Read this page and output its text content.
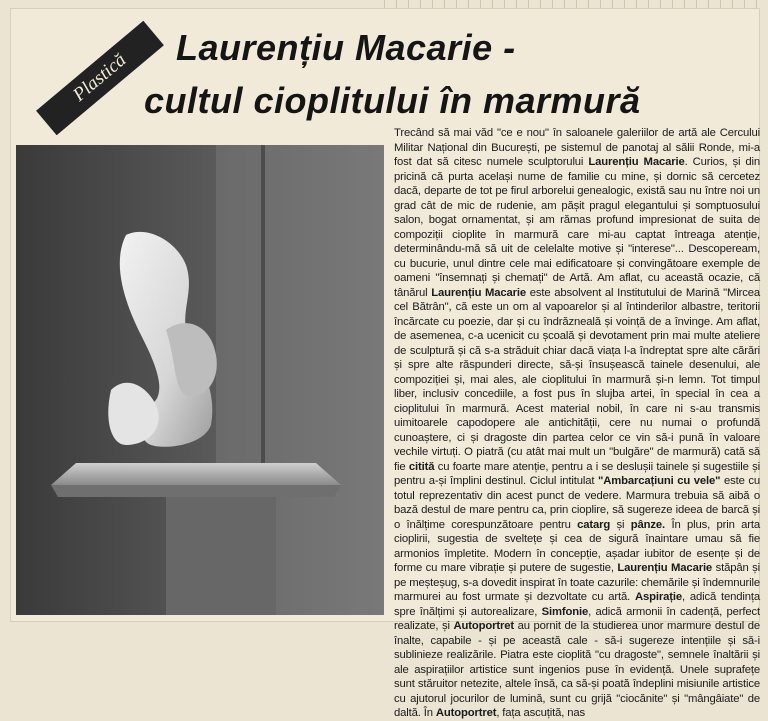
Plastică
Laurențiu Macarie -
cultul cioplitului în marmură

Trecând să mai văd "ce e nou" în saloanele galeriilor de artă ale Cercului Militar Național din București, pe sistemul de panotaj al sălii Ronde, mi-a fost dat să citesc numele sculptorului Laurențiu Macarie. Curios, și din pricină că purta același nume de familie cu mine, și dornic să cercetez dacă, departe de tot pe firul arborelui genealogic, există sau nu între noi un grad cât de mic de rudenie, am pășit pragul elegantului și somptuosului salon, bogat ornamentat, și am rămas profund impresionat de suita de compoziții cioplite în marmură care mi-au captat întreaga atenție, determinându-mă să uit de celelalte motive și "interese"... Descopeream, cu bucurie, unul dintre cele mai edificatoare și convingătoare exemple de oameni "însemnați și chemați" de Artă. Am aflat, cu această ocazie, că tânărul Laurențiu Macarie este absolvent al Institutului de Marină "Mircea cel Bătrân", că este un om al vapoarelor și al întinderilor albastre, teritorii încărcate cu poezie, dar și cu îndrăzneală și voință de a învinge. Am aflat, de asemenea, c-a ucenicit cu școală și devotament prin mai multe ateliere de sculptură și că s-a străduit chiar dacă viața l-a îndreptat spre alte cărări și spre alte răspunderi directe, să-și însușească tainele desenului, ale compoziției și, mai ales, ale cioplitului în marmură și-n lemn. Tot timpul liber, inclusiv concediile, a fost pus în slujba artei, în special în cea a cioplitului în marmură. Acest material nobil, în care ni s-au transmis uimitoarele capodopere ale antichității, cere nu numai o profundă cunoaștere, ci și dragoste din partea celor ce vin să-i pună în valoare vechile virtuți. O piatră (cu atât mai mult un "bulgăre" de marmură) cată să fie citită cu foarte mare atenție, pentru a i se deslușii tainele și sugestiile și pentru a-și împlini destinul. Ciclul intitulat "Ambarcațiuni cu vele" este cu totul reprezentativ din acest punct de vedere. Marmura trebuia să aibă o bază destul de mare pentru ca, prin cioplire, să sugereze ideea de barcă și o înălțime corespunzătoare pentru catarg și pânze. În plus, prin arta cioplirii, sugestia de sveltețe și cea de sigură înaintare umau să fie armonios împletite. Modern în concepție, așadar iubitor de esențe și de forme cu mare vibrație și putere de sugestie, Laurențiu Macarie stăpân și pe meșteșug, s-a dovedit inspirat în toate cazurile: chemările și îndemnurile marmurei au fost urmate și dezvoltate cu artă. Aspirație, adică tendința spre înălțimi și autorealizare, Simfonie, adică armonii în cadență, perfect realizate, și Autoportret au pornit de la studierea unor marmure destul de înalte, capabile - și pe această cale - să-i sugereze intențiile și să-i sublinieze realizările. Piatra este cioplită "cu dragoste", semnele înaltării și ale aspirațiilor artistice sunt ingenios puse în evidență. Unele suprafețe sunt stăruitor netezite, altele însă, ca să-și poată îndeplini misiunile artistice cu ajutorul jocurilor de lumină, sunt cu grijă "ciocănite" și "mângâiate" de daltă. În Autoportret, fața ascuțită, nas
